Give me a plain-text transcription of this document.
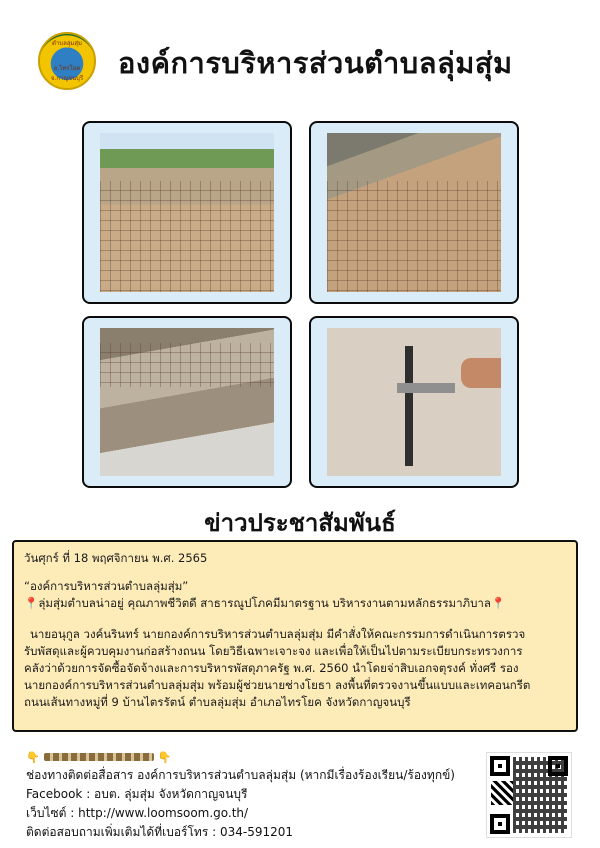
ตำบลลุ่มสุ่ม
อ.ไทรโยค จ.กาญจนบุรี	องค์การบริหารส่วนตำบลลุ่มสุ่ม
ข่าวประชาสัมพันธ์

วันศุกร์ ที่ 18 พฤศจิกายน พ.ศ. 2565

“องค์การบริหารส่วนตำบลลุ่มสุ่ม”

📍ลุ่มสุ่มตำบลน่าอยู่ คุณภาพชีวิตดี สาธารณูปโภคมีมาตรฐาน บริหารงานตามหลักธรรมาภิบาล📍

นายอนุกูล วงค์นรินทร์ นายกองค์การบริหารส่วนตำบลลุ่มสุ่ม มีคำสั่งให้คณะกรรมการดำเนินการตรวจ

รับพัสดุและผู้ควบคุมงานก่อสร้างถนน โดยวิธีเฉพาะเจาะจง และเพื่อให้เป็นไปตามระเบียบกระทรวงการ

คลังว่าด้วยการจัดซื้อจัดจ้างและการบริหารพัสดุภาครัฐ พ.ศ. 2560 นำโดยจ่าสิบเอกจตุรงค์ ทั่งศรี รอง

นายกองค์การบริหารส่วนตำบลลุ่มสุ่ม พร้อมผู้ช่วยนายช่างโยธา ลงพื้นที่ตรวจงานขึ้นแบบและเทคอนกรีต

ถนนเส้นทางหมู่ที่ 9 บ้านไตรรัตน์ ตำบลลุ่มสุ่ม อำเภอไทรโยค จังหวัดกาญจนบุรี

👇	👇
ช่องทางติดต่อสื่อสาร องค์การบริหารส่วนตำบลลุ่มสุ่ม (หากมีเรื่องร้องเรียน/ร้องทุกข์)
Facebook : อบต. ลุ่มสุ่ม จังหวัดกาญจนบุรี
เว็บไซต์ : http://www.loomsoom.go.th/
ติดต่อสอบถามเพิ่มเติมได้ที่เบอร์โทร : 034-591201
